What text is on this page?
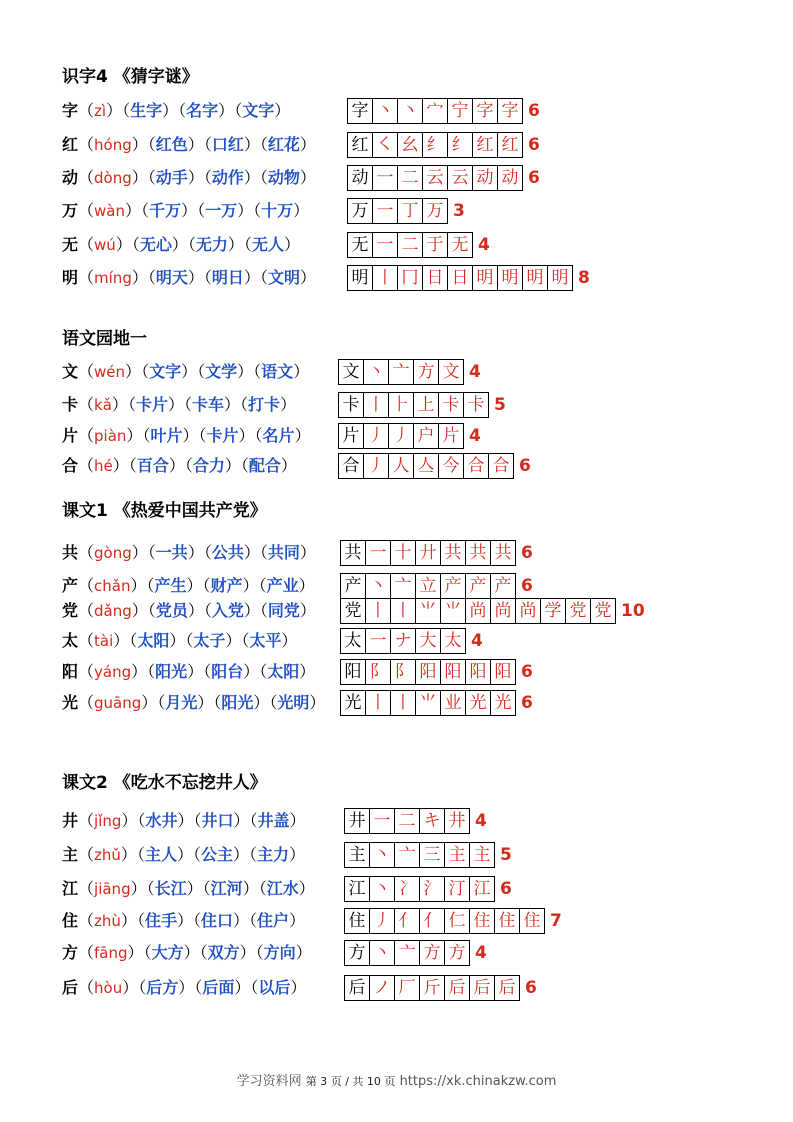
识字4 《猜字谜》
字（zì）（生字）（名字）（文字）	字 丶 丶 宀 宁 字 字 6
红（hóng）（红色）（口红）（红花） 红 ㇛ 幺 纟 纟 红 红 6
动（dòng）（动手）（动作）（动物） 动 一 二 云 云 动 动 6
万（wàn）（千万）（一万）（十万） 万 一 丁 万 3
无（wú）（无心）（无力）（无人）	无 一 二 于 无 4
明（míng）（明天）（明日）（文明） 明 丨 冂 日 日 明 明 明 明 8
语文园地一
文（wén）（文字）（文学）（语文） 文 丶 亠 方 文 4
卡（kǎ）（卡片）（卡车）（打卡）	卡 丨 ⺊ 上 卡 卡 5
片（piàn）（叶片）（卡片）（名片） 片 丿 丿 户 片 4
合（hé）（百合）（合力）（配合）	合 丿 人 亼 今 合 合 6
课文1 《热爱中国共产党》
共（gòng）（一共）（公共）（共同） 共 一 十 廾 共 共 共 6
产（chǎn）（产生）（财产）（产业） 产 丶 亠 立 产 产 产 6
党（dǎng）（党员）（入党）（同党） 党 丨 丨 ⺌ ⺌ 尚 尚 尚 学 党 党 10
太（tài）（太阳）（太子）（太平）	太 一 ナ 大 太 4
阳（yáng）（阳光）（阳台）（太阳） 阳 阝 阝 阳 阳 阳 阳 6
光（guāng）（月光）（阳光）（光明） 光 丨 丨 ⺌ 业 光 光 6
课文2 《吃水不忘挖井人》
井（jǐng）（水井）（井口）（井盖）	井 一 二 キ 井 4
主（zhǔ）（主人）（公主）（主力）	主 丶 亠 三 主 主 5
江（jiāng）（长江）（江河）（江水） 江 丶 冫 氵 汀 江 6
住（zhù）（住手）（住口）（住户）	住 丿 亻 亻 仁 住 住 住 7
方（fāng）（大方）（双方）（方向） 方 丶 亠 方 方 4
后（hòu）（后方）（后面）（以后） 后 ノ 厂 斤 后 后 后 6
学习资料网 第 3 页 / 共 10 页 https://xk.chinakzw.com
